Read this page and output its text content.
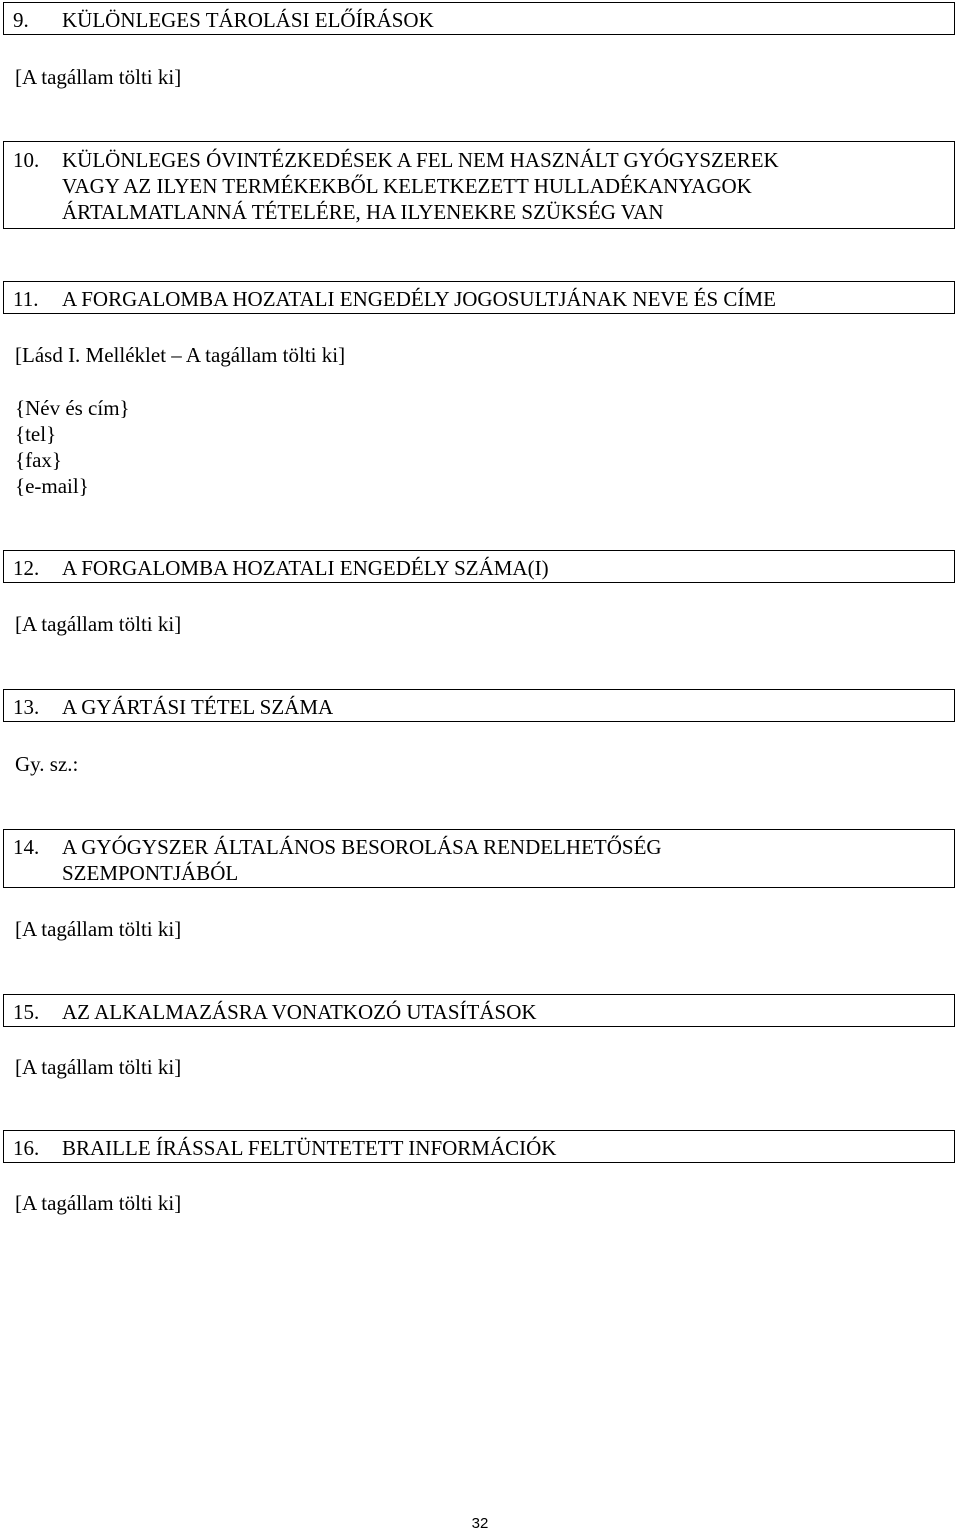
9.	KÜLÖNLEGES TÁROLÁSI ELŐÍRÁSOK
[A tagállam tölti ki]
10.	KÜLÖNLEGES ÓVINTÉZKEDÉSEK A FEL NEM HASZNÁLT GYÓGYSZEREK
VAGY AZ ILYEN TERMÉKEKBŐL KELETKEZETT HULLADÉKANYAGOK
ÁRTALMATLANNÁ TÉTELÉRE, HA ILYENEKRE SZÜKSÉG VAN
11.	A FORGALOMBA HOZATALI ENGEDÉLY JOGOSULTJÁNAK NEVE ÉS CÍME
[Lásd I. Melléklet – A tagállam tölti ki]
{Név és cím}
{tel}
{fax}
{e-mail}
12.	A FORGALOMBA HOZATALI ENGEDÉLY SZÁMA(I)
[A tagállam tölti ki]
13.	A GYÁRTÁSI TÉTEL SZÁMA
Gy. sz.:
14.	A GYÓGYSZER ÁLTALÁNOS BESOROLÁSA RENDELHETŐSÉG
SZEMPONTJÁBÓL
[A tagállam tölti ki]
15.	AZ ALKALMAZÁSRA VONATKOZÓ UTASÍTÁSOK
[A tagállam tölti ki]
16.	BRAILLE ÍRÁSSAL FELTÜNTETETT INFORMÁCIÓK
[A tagállam tölti ki]
32
